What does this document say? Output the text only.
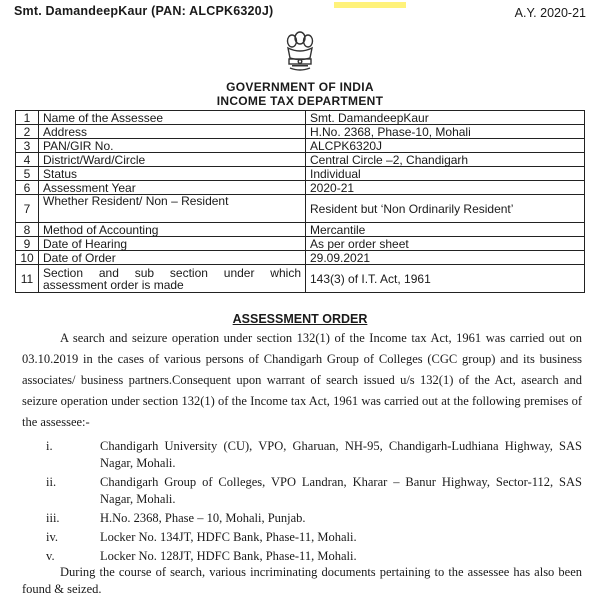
Smt. DamandeepKaur (PAN: ALCPK6320J)	A.Y. 2020-21
GOVERNMENT OF INDIA
INCOME TAX DEPARTMENT
1	Name of the Assessee	Smt. DamandeepKaur
2	Address	H.No. 2368, Phase-10, Mohali
3	PAN/GIR No.	ALCPK6320J
4	District/Ward/Circle	Central Circle –2, Chandigarh
5	Status	Individual
6	Assessment Year	2020-21
7	Whether Resident/ Non – Resident	Resident but ‘Non Ordinarily Resident’
8	Method of Accounting	Mercantile
9	Date of Hearing	As per order sheet
10	Date of Order	29.09.2021
11	Section and sub section under which assessment order is made	143(3) of I.T. Act, 1961
ASSESSMENT ORDER
A search and seizure operation under section 132(1) of the Income tax Act, 1961 was carried out on 03.10.2019 in the cases of various persons of Chandigarh Group of Colleges (CGC group) and its business associates/ business partners.Consequent upon warrant of search issued u/s 132(1) of the Act, asearch and seizure operation under section 132(1) of the Income tax Act, 1961 was carried out at the following premises of the assessee:-
i.	Chandigarh University (CU), VPO, Gharuan, NH-95, Chandigarh-Ludhiana Highway, SAS Nagar, Mohali.
ii.	Chandigarh Group of Colleges, VPO Landran, Kharar – Banur Highway, Sector-112, SAS Nagar, Mohali.
iii.	H.No. 2368, Phase – 10, Mohali, Punjab.
iv.	Locker No. 134JT, HDFC Bank, Phase-11, Mohali.
v.	Locker No. 128JT, HDFC Bank, Phase-11, Mohali.
During the course of search, various incriminating documents pertaining to the assessee has also been found & seized.
